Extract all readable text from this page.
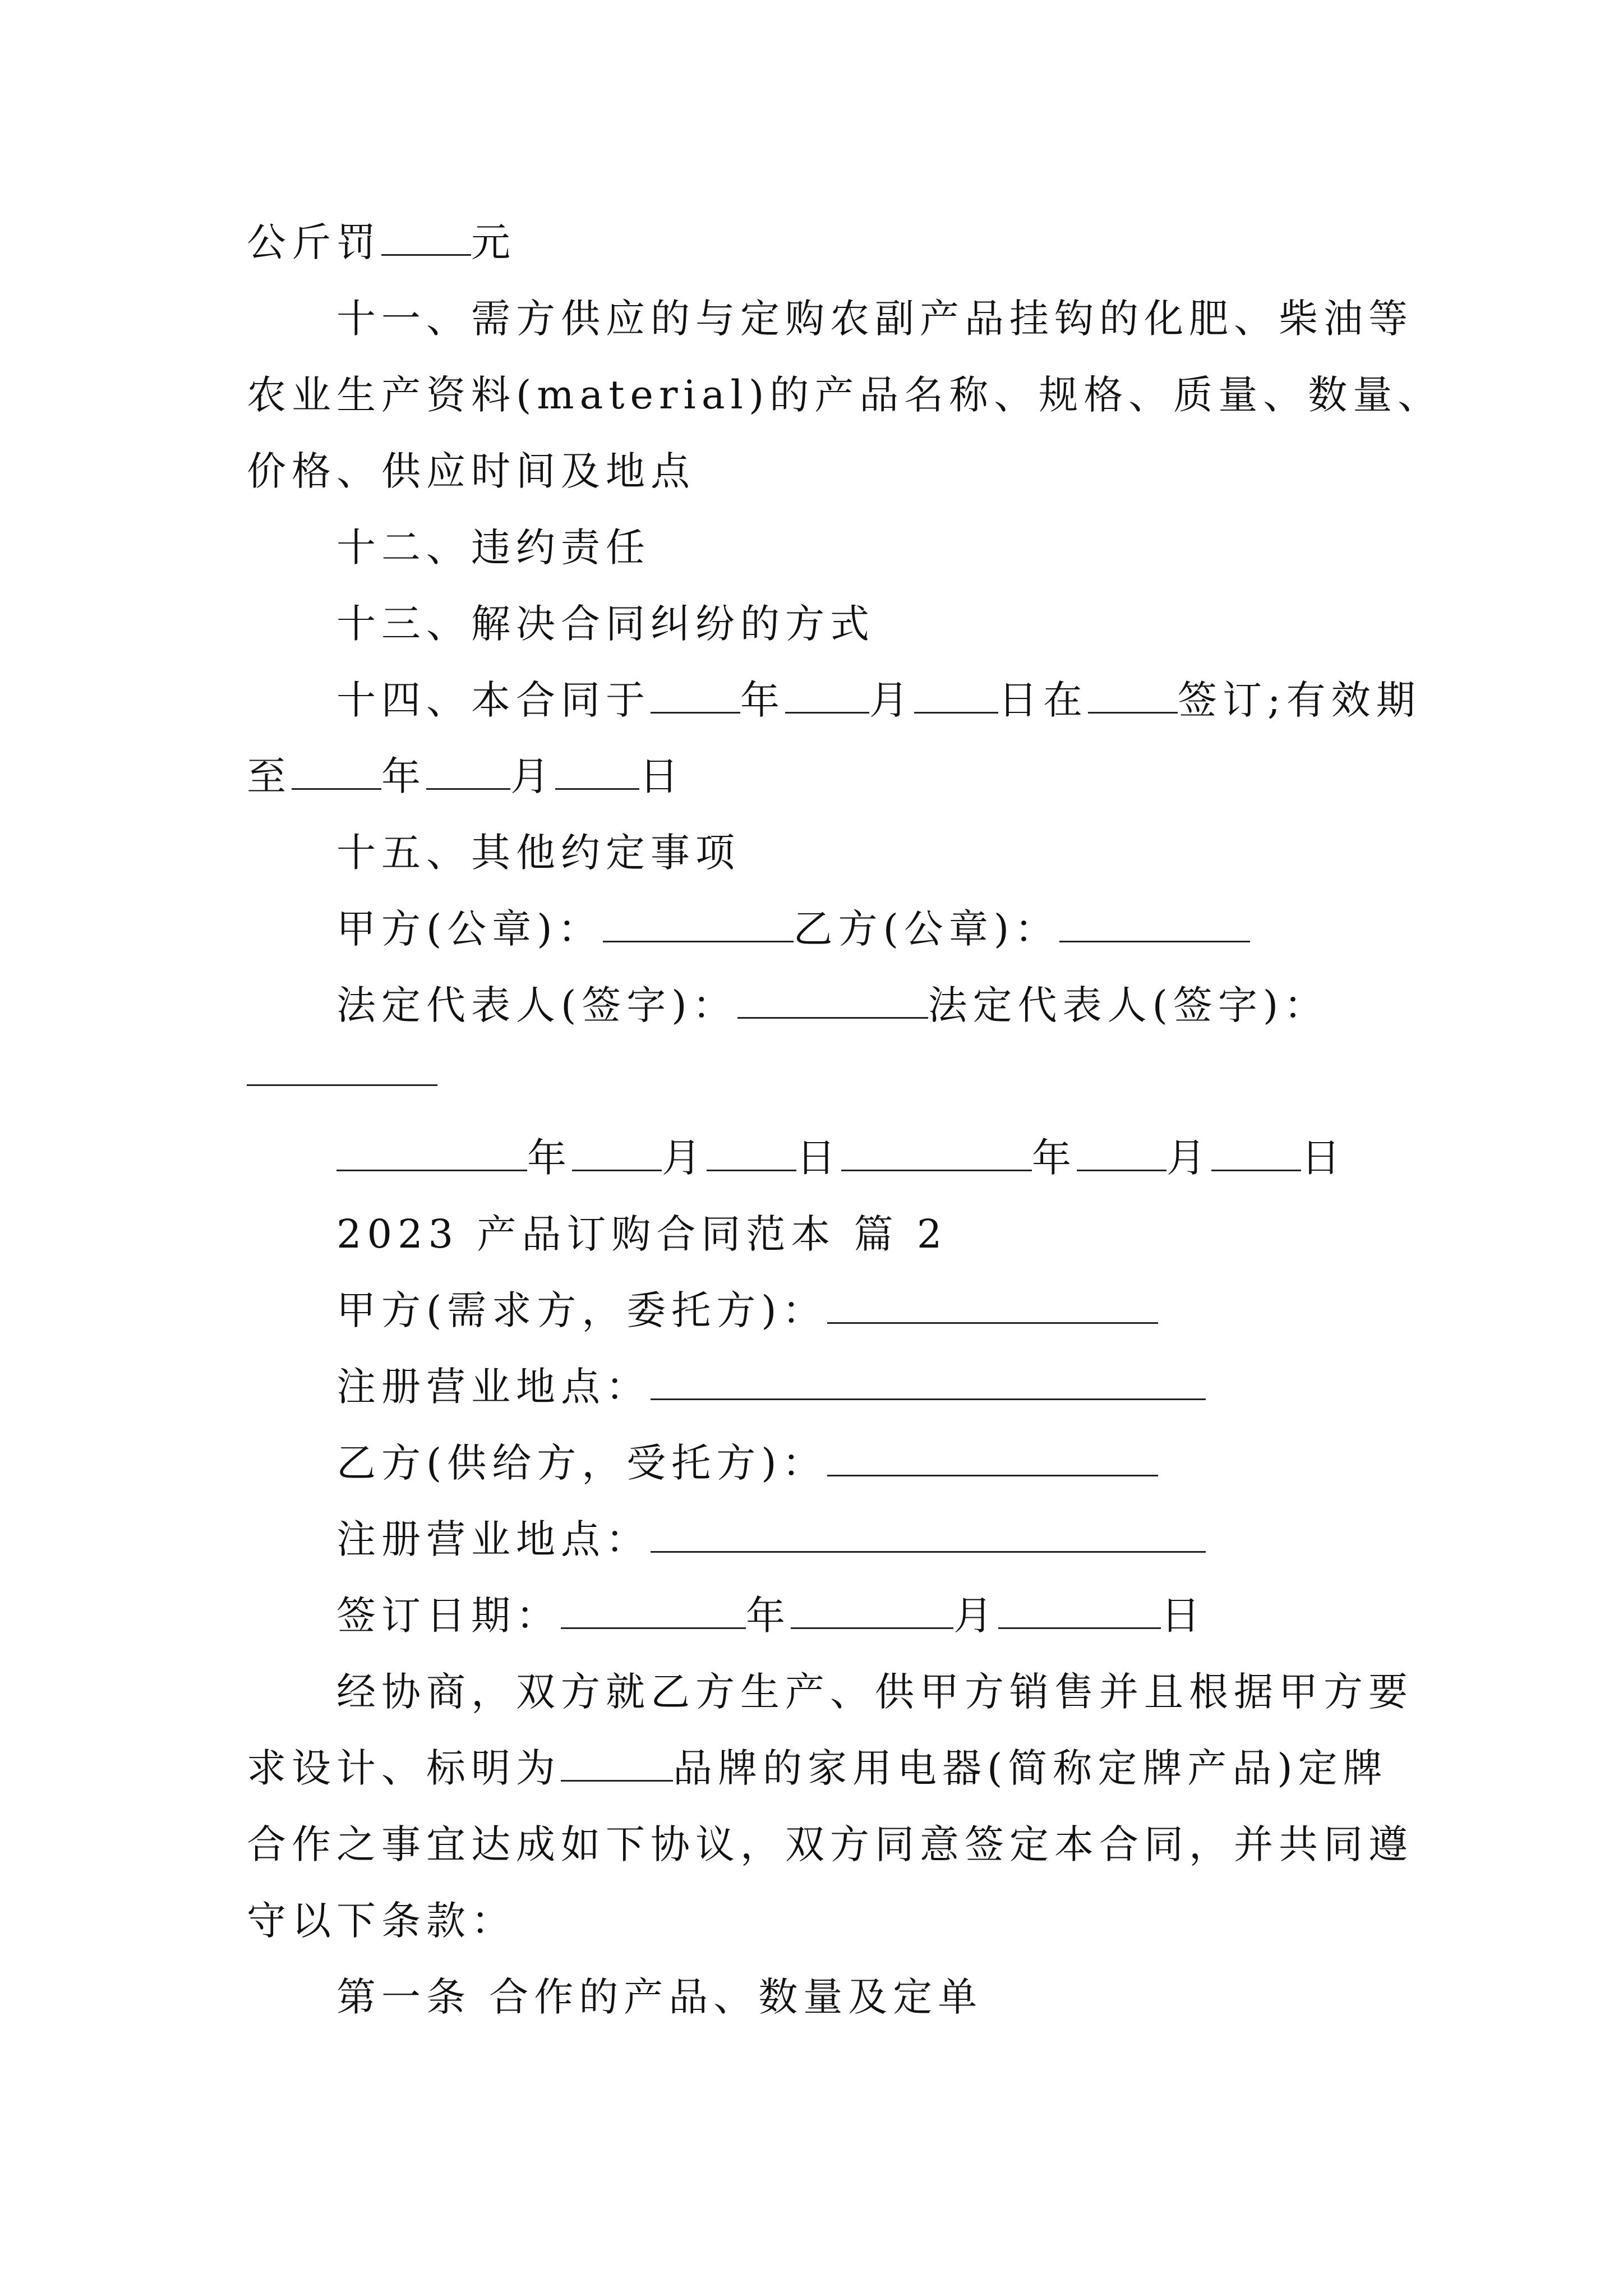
公斤罚 元
十一、需方供应的与定购农副产品挂钩的化肥、柴油等
农业生产资料(material)的产品名称、规格、质量、数量、
价格、供应时间及地点
十二、违约责任
十三、解决合同纠纷的方式
十四、本合同于 年 月 日在 签订;有效期
至 年 月 日
十五、其他约定事项
甲方(公章)：	乙方(公章)：
法定代表人(签字)：	法定代表人(签字)：
年 月 日	年 月 日
2023 产品订购合同范本 篇 2
甲方(需求方，委托方)：
注册营业地点：
乙方(供给方，受托方)：
注册营业地点：
签订日期：	年	月	日
经协商，双方就乙方生产、供甲方销售并且根据甲方要
求设计、标明为	品牌的家用电器(简称定牌产品)定牌
合作之事宜达成如下协议，双方同意签定本合同，并共同遵
守以下条款：
第一条 合作的产品、数量及定单
